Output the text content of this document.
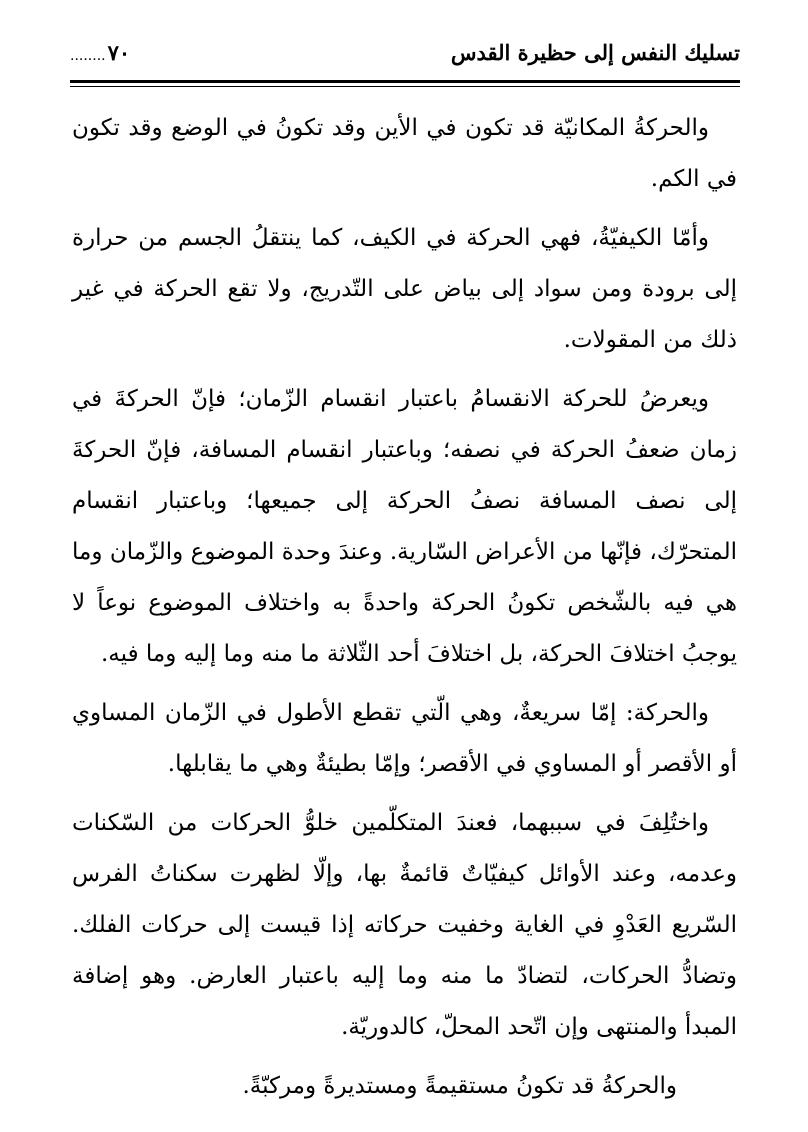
تسليك النفس إلى حظيرة القدس
........٧٠

والحركةُ المكانيّة قد تكون في الأين وقد تكونُ في الوضع وقد تكون في الكم.

وأمّا الكيفيّةُ، فهي الحركة في الكيف، كما ينتقلُ الجسم من حرارة إلى برودة ومن سواد إلى بياض على التّدريج، ولا تقع الحركة في غير ذلك من المقولات.

ويعرضُ للحركة الانقسامُ باعتبار انقسام الزّمان؛ فإنّ الحركةَ في زمان ضعفُ الحركة في نصفه؛ وباعتبار انقسام المسافة، فإنّ الحركةَ إلى نصف المسافة نصفُ الحركة إلى جميعها؛ وباعتبار انقسام المتحرّك، فإنّها من الأعراض السّارية. وعندَ وحدة الموضوع والزّمان وما هي فيه بالشّخص تكونُ الحركة واحدةً به واختلاف الموضوع نوعاً لا يوجبُ اختلافَ الحركة، بل اختلافَ أحد الثّلاثة ما منه وما إليه وما فيه.

والحركة: إمّا سريعةٌ، وهي الّتي تقطع الأطول في الزّمان المساوي أو الأقصر أو المساوي في الأقصر؛ وإمّا بطيئةٌ وهي ما يقابلها.

واختُلِفَ في سببهما، فعندَ المتكلّمين خلوُّ الحركات من السّكنات وعدمه، وعند الأوائل كيفيّاتٌ قائمةٌ بها، وإلّا لظهرت سكناتُ الفرس السّريع العَدْوِ في الغاية وخفيت حركاته إذا قيست إلى حركات الفلك. وتضادُّ الحركات، لتضادّ ما منه وما إليه باعتبار العارض. وهو إضافة المبدأ والمنتهى وإن اتّحد المحلّ، كالدوريّة.

والحركةُ قد تكونُ مستقيمةً ومستديرةً ومركبّةً.
